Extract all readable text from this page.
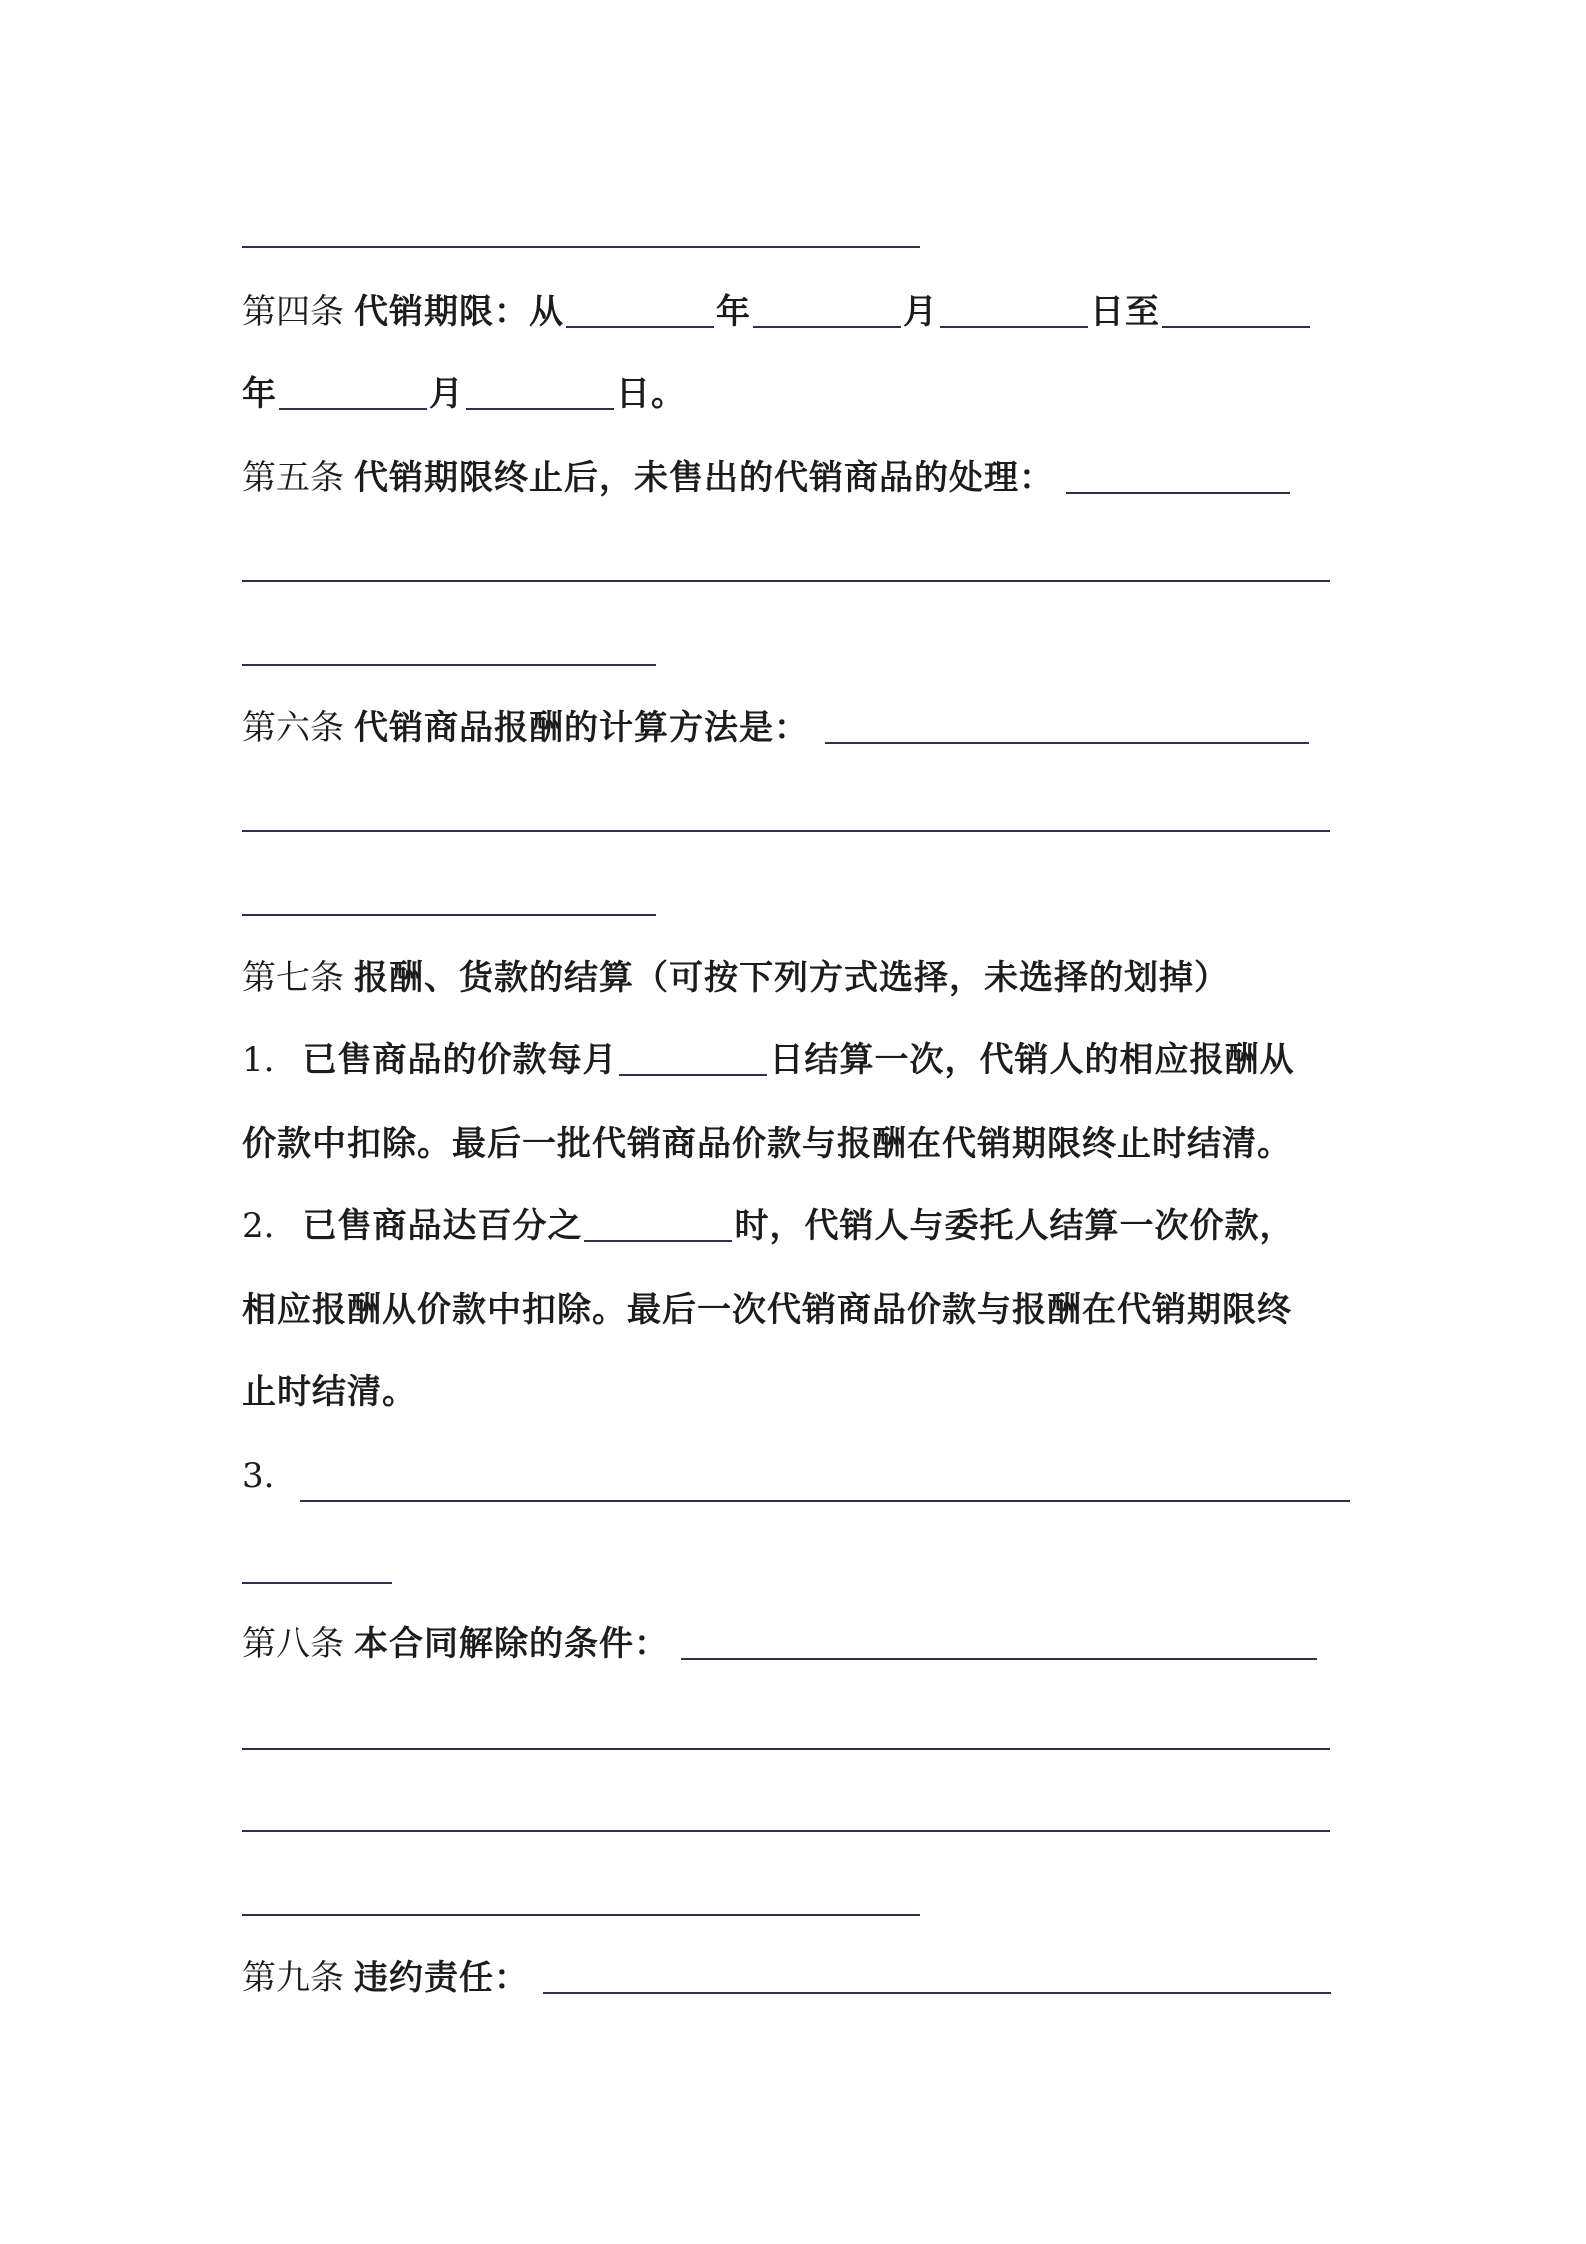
第四条 代销期限：从	年	月	日至
年	月	日。
第五条 代销期限终止后，未售出的代销商品的处理：
第六条 代销商品报酬的计算方法是：
第七条 报酬、货款的结算（可按下列方式选择，未选择的划掉）
1. 已售商品的价款每月	日结算一次，代销人的相应报酬从
价款中扣除。最后一批代销商品价款与报酬在代销期限终止时结清。
2. 已售商品达百分之	时，代销人与委托人结算一次价款，
相应报酬从价款中扣除。最后一次代销商品价款与报酬在代销期限终
止时结清。
3.
第八条 本合同解除的条件：
第九条 违约责任：
